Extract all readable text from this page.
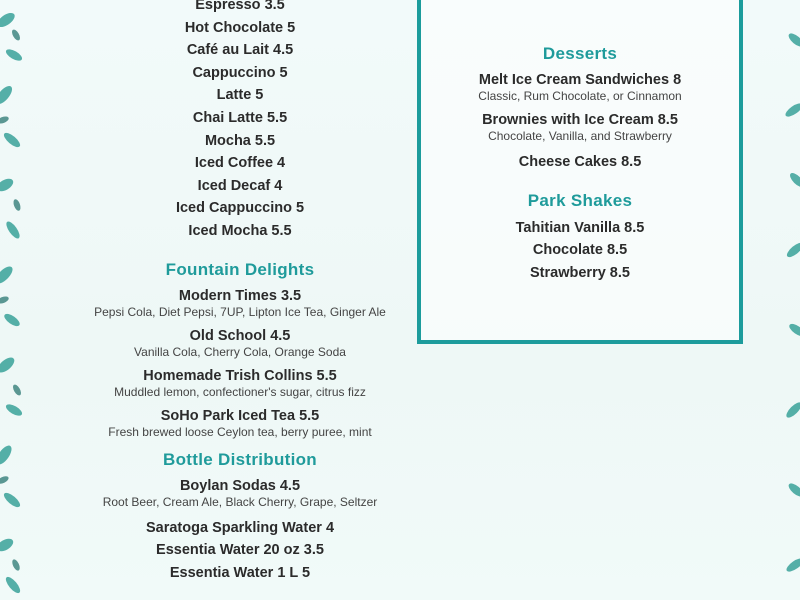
Espresso 3.5
Hot Chocolate 5
Café au Lait 4.5
Cappuccino 5
Latte 5
Chai Latte 5.5
Mocha 5.5
Iced Coffee 4
Iced Decaf 4
Iced Cappuccino 5
Iced Mocha 5.5
Fountain Delights
Modern Times 3.5
Pepsi Cola, Diet Pepsi, 7UP, Lipton Ice Tea, Ginger Ale
Old School 4.5
Vanilla Cola, Cherry Cola, Orange Soda
Homemade Trish Collins 5.5
Muddled lemon, confectioner's sugar, citrus fizz
SoHo Park Iced Tea 5.5
Fresh brewed loose Ceylon tea, berry puree, mint
Bottle Distribution
Boylan Sodas 4.5
Root Beer, Cream Ale, Black Cherry, Grape, Seltzer
Saratoga Sparkling Water 4
Essentia Water 20 oz 3.5
Essentia Water 1 L 5
Desserts
Melt Ice Cream Sandwiches 8
Classic, Rum Chocolate, or Cinnamon
Brownies with Ice Cream 8.5
Chocolate, Vanilla, and Strawberry
Cheese Cakes 8.5
Park Shakes
Tahitian Vanilla 8.5
Chocolate 8.5
Strawberry 8.5
